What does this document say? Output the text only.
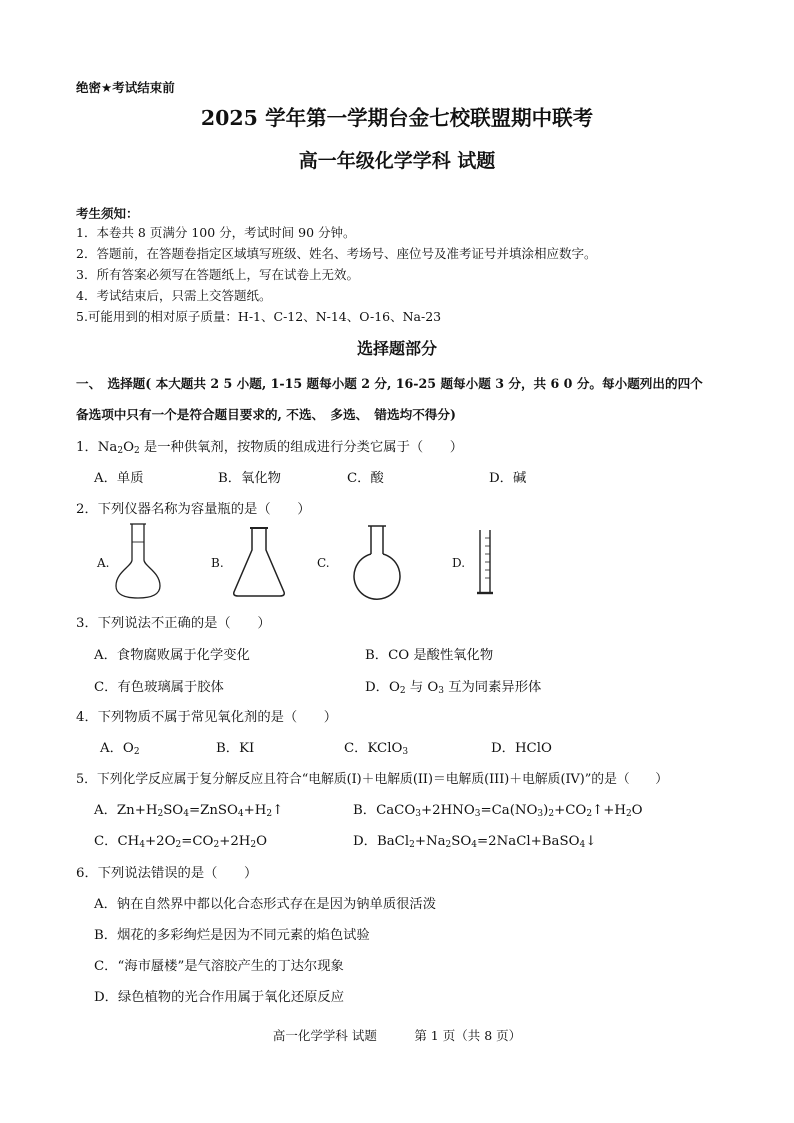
绝密★考试结束前
2025 学年第一学期台金七校联盟期中联考
高一年级化学学科 试题
考生须知：
1．本卷共 8 页满分 100 分，考试时间 90 分钟。
2．答题前，在答题卷指定区域填写班级、姓名、考场号、座位号及准考证号并填涂相应数字。
3．所有答案必须写在答题纸上，写在试卷上无效。
4．考试结束后，只需上交答题纸。
5.可能用到的相对原子质量：H-1、C-12、N-14、O-16、Na-23
选择题部分
一、　选择题( 本大题共 2 5 小题, 1-15 题每小题 2 分, 16-25 题每小题 3 分，共 6 0 分。每小题列出的四个
备选项中只有一个是符合题目要求的, 不选、　多选、　错选均不得分)
1．$Na_2O_2$ 是一种供氧剂，按物质的组成进行分类它属于（　　）
A．单质	B．氧化物	C．酸	D．碱
2．下列仪器名称为容量瓶的是（　　）
A.	B.	C.	D.
3．下列说法不正确的是（　　）
A．食物腐败属于化学变化	B．CO 是酸性氧化物
C．有色玻璃属于胶体	D．$O_2$ 与 $O_3$ 互为同素异形体
4．下列物质不属于常见氧化剂的是（　　）
A．$O_2$	B．KI	C．KClO$_3$	D．HClO
5．下列化学反应属于复分解反应且符合“电解质(I)＋电解质(II)＝电解质(III)＋电解质(IV)”的是（　　）
A．$Zn+H_2SO_4=ZnSO_4+H_2↑$	B．$CaCO_3+2HNO_3=Ca(NO_3)_2+CO_2↑+H_2O$
C．$CH_4+2O_2=CO_2+2H_2O$	D．$BaCl_2+Na_2SO_4=2NaCl+BaSO_4↓$
6．下列说法错误的是（　　）
A．钠在自然界中都以化合态形式存在是因为钠单质很活泼
B．烟花的多彩绚烂是因为不同元素的焰色试验
C．“海市蜃楼”是气溶胶产生的丁达尔现象
D．绿色植物的光合作用属于氧化还原反应
高一化学学科 试题　　　第 1 页（共 8 页）
